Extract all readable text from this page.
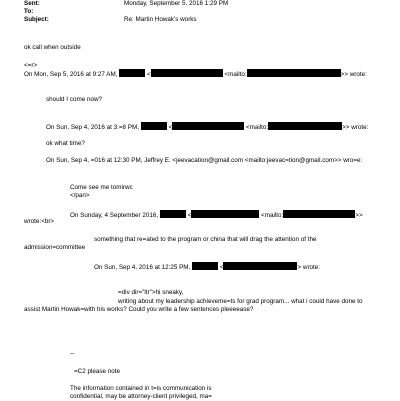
Sent:	Monday, September 5, 2016 1:29 PM
To:
Subject:	Re: Martin Howak's works
ok call when outside
<=r>
On Mon, Sep 5, 2016 at 9:27 AM,	<	<mailto:	>> wrote:
should I come now?
On Sun, Sep 4, 2016 at 3:=8 PM,	<	<mailto:	>> wrote:
ok what time?
On Sun, Sep 4, =016 at 12:30 PM, Jeffrey E. <jeevacation@gmail.com <mailto:jeevac=tion@gmail.com>> wro=e:
Come see me tomirwc
</pan>
On Sunday, 4 September 2016,	<	<mailto:	>>
wrote:<br>
something that re=ated to the program or china that will drag the attention of the
admission=committee
On Sun, Sep 4, 2016 at 12:25 PM,	<	> wrote:
=div dir="ltr">hi sneaky,
writing about my leadership achieveme=ts for grad program... what i could have done to
assist Martin Howak=with his works? Could you write a few sentences pleeeease?
--
=C2 please note
The information contained in t=is communication is
confidential, may be attorney-client privileged, ma=
